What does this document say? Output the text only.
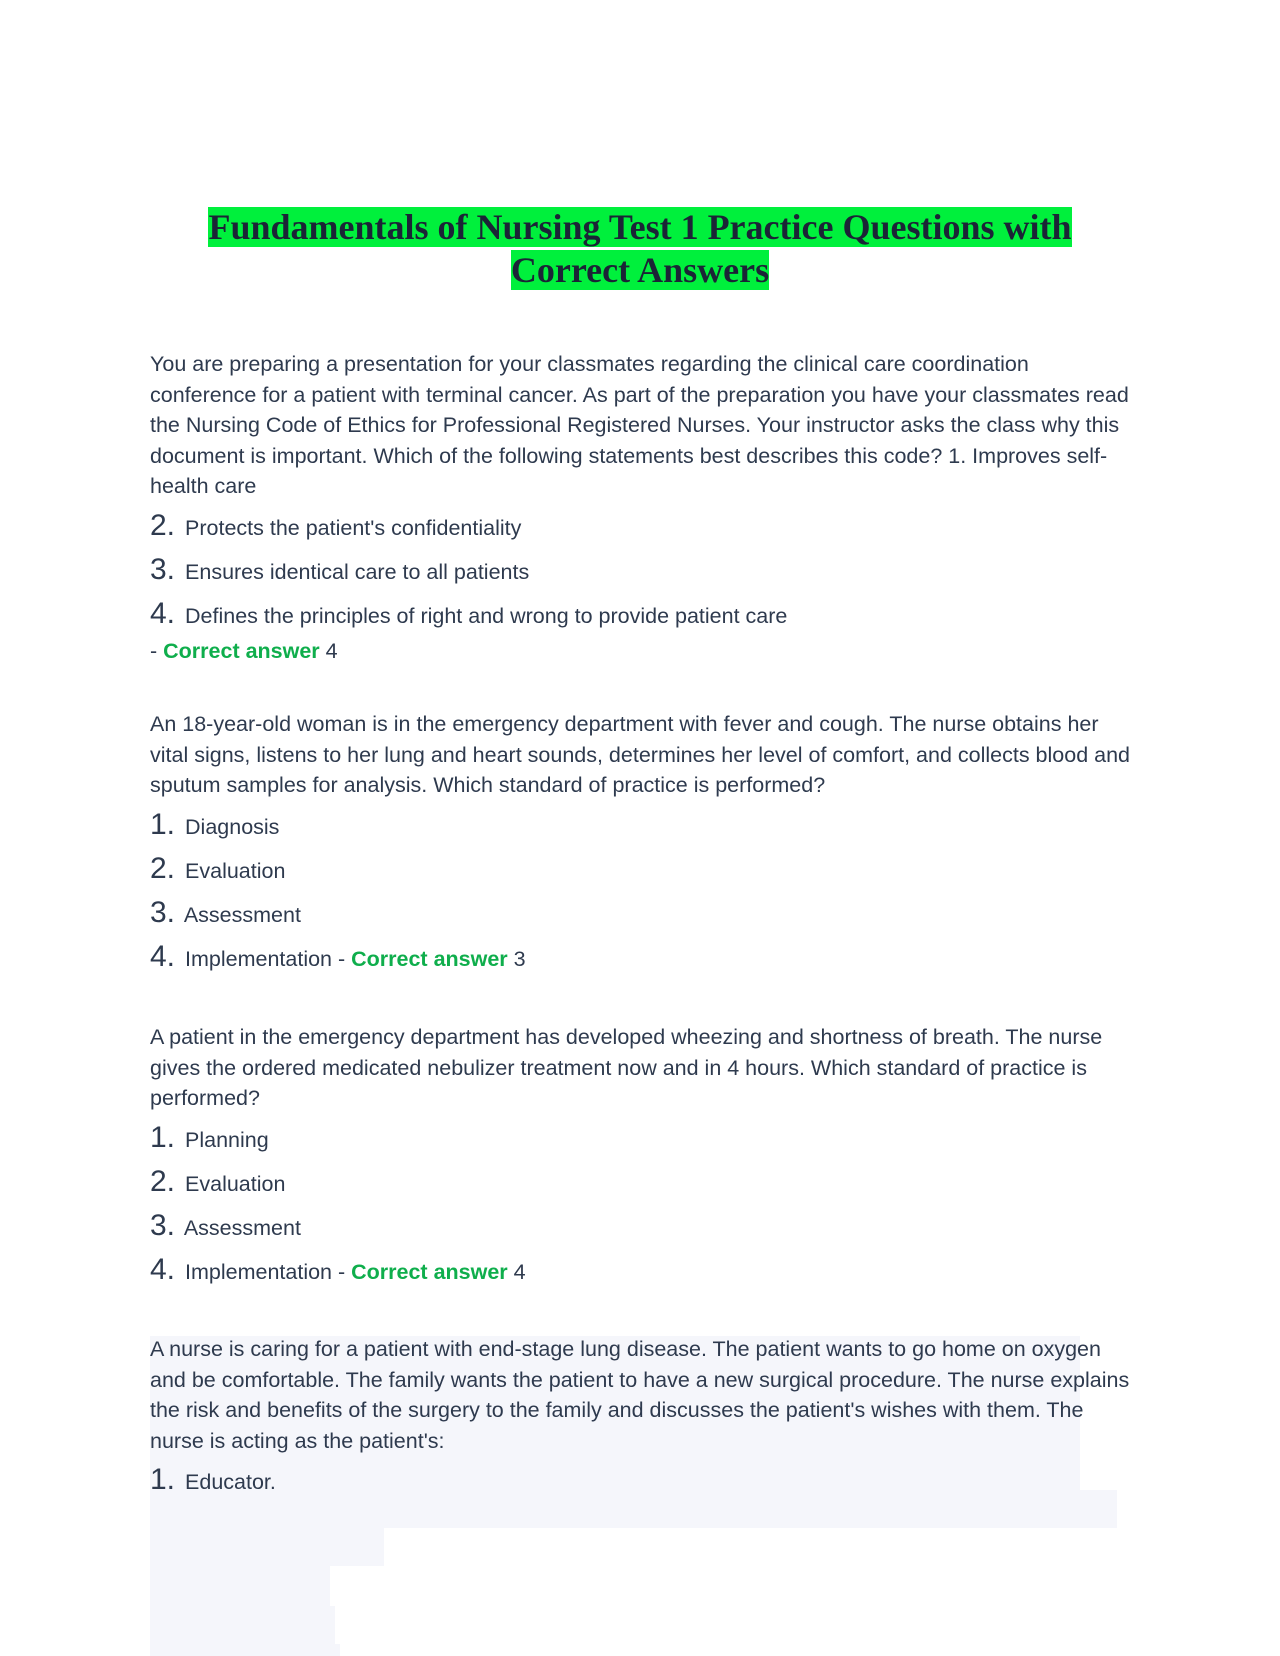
Fundamentals of Nursing Test 1 Practice Questions with Correct Answers

You are preparing a presentation for your classmates regarding the clinical care coordination conference for a patient with terminal cancer. As part of the preparation you have your classmates read the Nursing Code of Ethics for Professional Registered Nurses. Your instructor asks the class why this document is important. Which of the following statements best describes this code? 1. Improves self-health care

2. Protects the patient's confidentiality
3. Ensures identical care to all patients
4. Defines the principles of right and wrong to provide patient care
- Correct answer 4

An 18-year-old woman is in the emergency department with fever and cough. The nurse obtains her vital signs, listens to her lung and heart sounds, determines her level of comfort, and collects blood and sputum samples for analysis. Which standard of practice is performed?

1. Diagnosis
2. Evaluation
3. Assessment
4. Implementation - Correct answer 3

A patient in the emergency department has developed wheezing and shortness of breath. The nurse gives the ordered medicated nebulizer treatment now and in 4 hours. Which standard of practice is performed?

1. Planning
2. Evaluation
3. Assessment
4. Implementation - Correct answer 4

A nurse is caring for a patient with end-stage lung disease. The patient wants to go home on oxygen and be comfortable. The family wants the patient to have a new surgical procedure. The nurse explains the risk and benefits of the surgery to the family and discusses the patient's wishes with them. The nurse is acting as the patient's:

1. Educator.
